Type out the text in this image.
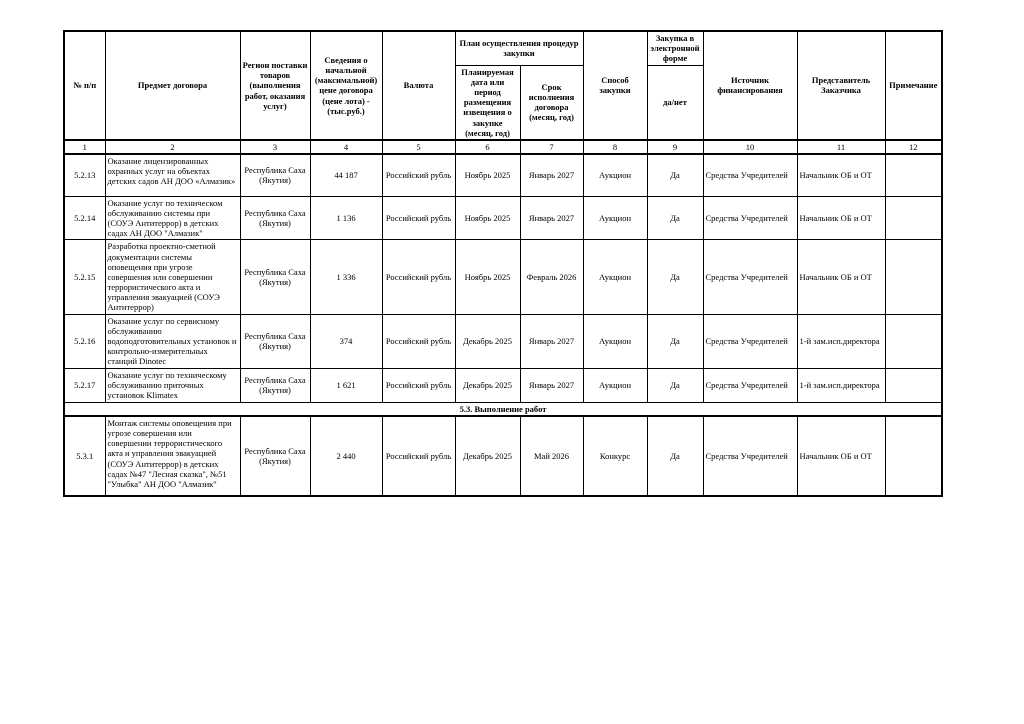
№ п/п	Предмет договора	Регион поставки товаров (выполнения работ, оказания услуг)	Сведения о начальной (максимальной) цене договора (цене лота) - (тыс.руб.)	Валюта	План осуществления процедур закупки		Способ закупки	Закупка в электронной форме	Источник финансирования	Представитель Заказчика	Примечание
					Планируемая дата или период размещения извещения о закупке (месяц, год)	Срок исполнения договора (месяц, год)		да/нет			
1	2	3	4	5	6	7	8	9	10	11	12
5.2.13	Оказание лицензированных охранных услуг на объектах детских садов АН ДОО «Алмазик»	Республика Саха (Якутия)	44 187	Российский рубль	Ноябрь 2025	Январь 2027	Аукцион	Да	Средства Учредителей	Начальник ОБ и ОТ	
5.2.14	Оказание услуг по техническом обслуживанию системы при (СОУЭ Антитеррор) в детских садах АН ДОО "Алмазик"	Республика Саха (Якутия)	1 136	Российский рубль	Ноябрь 2025	Январь 2027	Аукцион	Да	Средства Учредителей	Начальник ОБ и ОТ	
5.2.15	Разработка проектно-сметной документации системы оповещения при угрозе совершения или совершении террористического акта и управления эвакуацией (СОУЭ Антитеррор)	Республика Саха (Якутия)	1 336	Российский рубль	Ноябрь 2025	Февраль 2026	Аукцион	Да	Средства Учредителей	Начальник ОБ и ОТ	
5.2.16	Оказание услуг по сервисному обслуживанию водоподготовительных установок и контрольно-измерительных станций Dinotec	Республика Саха (Якутия)	374	Российский рубль	Декабрь 2025	Январь 2027	Аукцион	Да	Средства Учредителей	1-й зам.исп.директора	
5.2.17	Оказание услуг по техническому обслуживанию приточных установок Klimatex	Республика Саха (Якутия)	1 621	Российский рубль	Декабрь 2025	Январь 2027	Аукцион	Да	Средства Учредителей	1-й зам.исп.директора	
5.3. Выполнение работ											
5.3.1	Монтаж системы оповещения при угрозе совершения или совершении террористического акта и управления эвакуацией (СОУЭ Антитеррор) в детских садах №47 "Лесная сказка", №51 "Улыбка" АН ДОО "Алмазик"	Республика Саха (Якутия)	2 440	Российский рубль	Декабрь 2025	Май 2026	Конкурс	Да	Средства Учредителей	Начальник ОБ и ОТ	
